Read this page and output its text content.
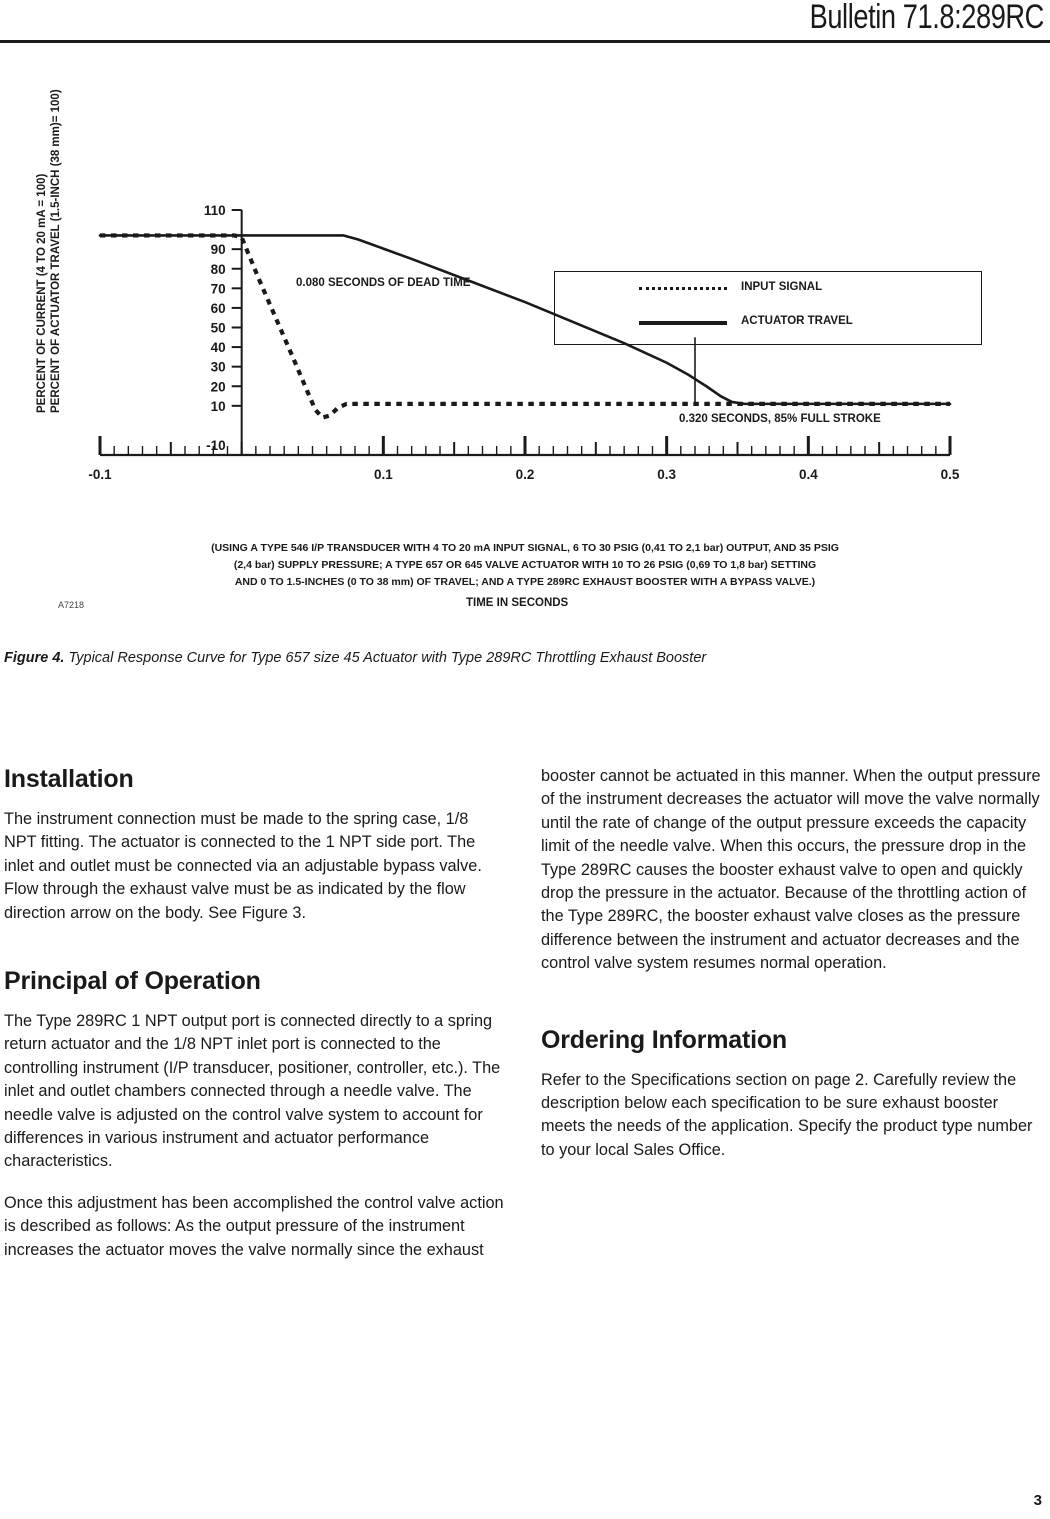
Bulletin 71.8:289RC
PERCENT OF CURRENT (4 TO 20 mA = 100) PERCENT OF ACTUATOR TRAVEL (1.5-INCH (38 mm)= 100)	0.080 SECONDS OF DEAD TIME
0.320 SECONDS, 85% FULL STROKE
TIME IN SECONDS
A7218
INPUT SIGNAL
ACTUATOR TRAVEL
-0.1	0.1	0.2	0.3	0.4	0.5
-10
10
20
30
40
50
60
70
80
90
110
(USING A TYPE 546 I/P TRANSDUCER WITH 4 TO 20 mA INPUT SIGNAL, 6 TO 30 PSIG (0,41 TO 2,1 bar) OUTPUT, AND 35 PSIG
(2,4 bar) SUPPLY PRESSURE; A TYPE 657 OR 645 VALVE ACTUATOR WITH 10 TO 26 PSIG (0,69 TO 1,8 bar) SETTING
AND 0 TO 1.5-INCHES (0 TO 38 mm) OF TRAVEL; AND A TYPE 289RC EXHAUST BOOSTER WITH A BYPASS VALVE.)
Figure 4. Typical Response Curve for Type 657 size 45 Actuator with Type 289RC Throttling Exhaust Booster
Installation

The instrument connection must be made to the spring case, 1/8 NPT fitting. The actuator is connected to the 1 NPT side port. The inlet and outlet must be connected via an adjustable bypass valve. Flow through the exhaust valve must be as indicated by the flow direction arrow on the body. See Figure 3.

Principal of Operation

The Type 289RC 1 NPT output port is connected directly to a spring return actuator and the 1/8 NPT inlet port is connected to the controlling instrument (I/P transducer, positioner, controller, etc.). The inlet and outlet chambers connected through a needle valve. The needle valve is adjusted on the control valve system to account for differences in various instrument and actuator performance characteristics.

Once this adjustment has been accomplished the control valve action is described as follows: As the output pressure of the instrument increases the actuator moves the valve normally since the exhaust

booster cannot be actuated in this manner. When the output pressure of the instrument decreases the actuator will move the valve normally until the rate of change of the output pressure exceeds the capacity limit of the needle valve. When this occurs, the pressure drop in the Type 289RC causes the booster exhaust valve to open and quickly drop the pressure in the actuator. Because of the throttling action of the Type 289RC, the booster exhaust valve closes as the pressure difference between the instrument and actuator decreases and the control valve system resumes normal operation.

Ordering Information

Refer to the Specifications section on page 2. Carefully review the description below each specification to be sure exhaust booster meets the needs of the application. Specify the product type number to your local Sales Office.

3
